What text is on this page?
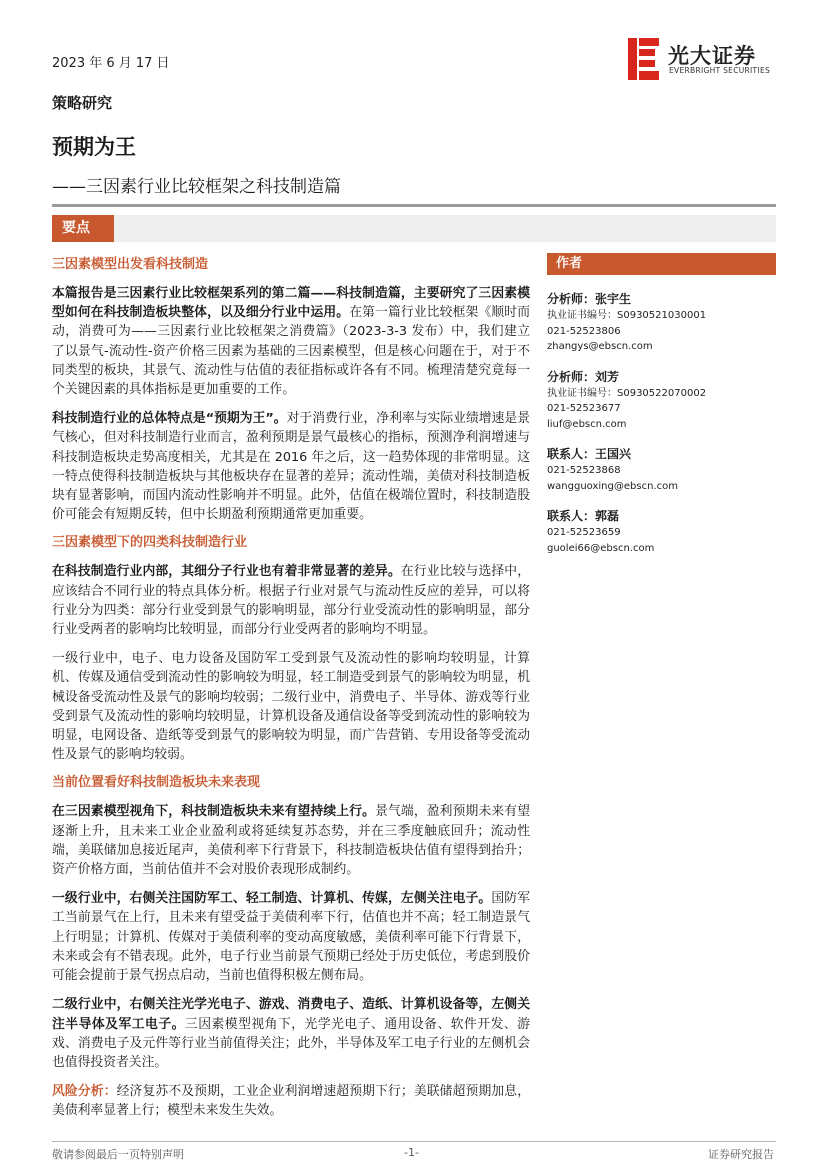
2023 年 6 月 17 日	光大证券
EVERBRIGHT SECURITIES
策略研究
预期为王
——三因素行业比较框架之科技制造篇
要点
三因素模型出发看科技制造

本篇报告是三因素行业比较框架系列的第二篇——科技制造篇，主要研究了三因素模型如何在科技制造板块整体，以及细分行业中运用。在第一篇行业比较框架《顺时而动，消费可为——三因素行业比较框架之消费篇》（2023-3-3 发布）中，我们建立了以景气-流动性-资产价格三因素为基础的三因素模型，但是核心问题在于，对于不同类型的板块，其景气、流动性与估值的表征指标或许各有不同。梳理清楚究竟每一个关键因素的具体指标是更加重要的工作。

科技制造行业的总体特点是“预期为王”。对于消费行业，净利率与实际业绩增速是景气核心，但对科技制造行业而言，盈利预期是景气最核心的指标，预测净利润增速与科技制造板块走势高度相关，尤其是在 2016 年之后，这一趋势体现的非常明显。这一特点使得科技制造板块与其他板块存在显著的差异；流动性端，美债对科技制造板块有显著影响，而国内流动性影响并不明显。此外，估值在极端位置时，科技制造股价可能会有短期反转，但中长期盈利预期通常更加重要。

三因素模型下的四类科技制造行业

在科技制造行业内部，其细分子行业也有着非常显著的差异。在行业比较与选择中，应该结合不同行业的特点具体分析。根据子行业对景气与流动性反应的差异，可以将行业分为四类：部分行业受到景气的影响明显，部分行业受流动性的影响明显，部分行业受两者的影响均比较明显，而部分行业受两者的影响均不明显。

一级行业中，电子、电力设备及国防军工受到景气及流动性的影响均较明显，计算机、传媒及通信受到流动性的影响较为明显，轻工制造受到景气的影响较为明显，机械设备受流动性及景气的影响均较弱；二级行业中，消费电子、半导体、游戏等行业受到景气及流动性的影响均较明显，计算机设备及通信设备等受到流动性的影响较为明显，电网设备、造纸等受到景气的影响较为明显，而广告营销、专用设备等受流动性及景气的影响均较弱。

当前位置看好科技制造板块未来表现

在三因素模型视角下，科技制造板块未来有望持续上行。景气端，盈利预期未来有望逐渐上升，且未来工业企业盈利或将延续复苏态势，并在三季度触底回升；流动性端，美联储加息接近尾声，美债利率下行背景下，科技制造板块估值有望得到抬升；资产价格方面，当前估值并不会对股价表现形成制约。

一级行业中，右侧关注国防军工、轻工制造、计算机、传媒，左侧关注电子。国防军工当前景气在上行，且未来有望受益于美债利率下行，估值也并不高；轻工制造景气上行明显；计算机、传媒对于美债利率的变动高度敏感，美债利率可能下行背景下，未来或会有不错表现。此外，电子行业当前景气预期已经处于历史低位，考虑到股价可能会提前于景气拐点启动，当前也值得积极左侧布局。

二级行业中，右侧关注光学光电子、游戏、消费电子、造纸、计算机设备等，左侧关注半导体及军工电子。三因素模型视角下，光学光电子、通用设备、软件开发、游戏、消费电子及元件等行业当前值得关注；此外，半导体及军工电子行业的左侧机会也值得投资者关注。

风险分析：经济复苏不及预期，工业企业利润增速超预期下行；美联储超预期加息，美债利率显著上行；模型未来发生失效。

作者
分析师：张宇生
执业证书编号：S0930521030001
021-52523806
zhangys@ebscn.com
分析师：刘芳
执业证书编号：S0930522070002
021-52523677
liuf@ebscn.com
联系人：王国兴
021-52523868
wangguoxing@ebscn.com
联系人：郭磊
021-52523659
guolei66@ebscn.com
敬请参阅最后一页特别声明	-1-	证券研究报告
